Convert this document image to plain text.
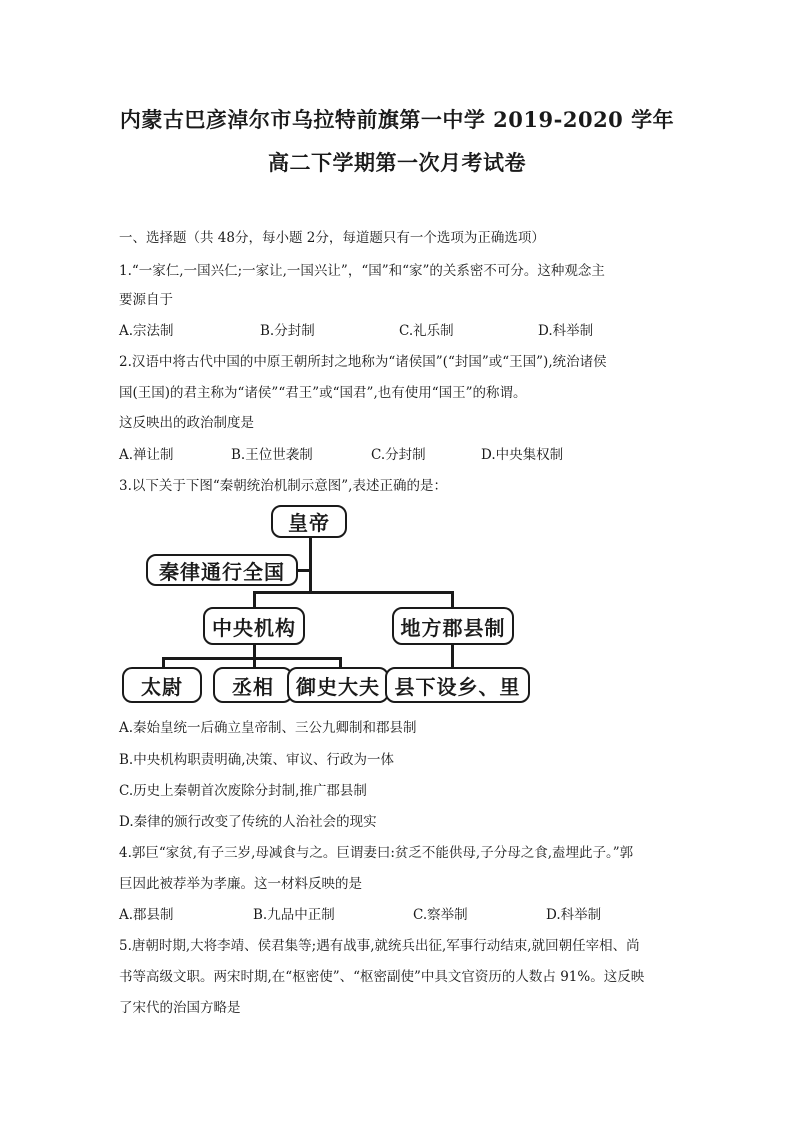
内蒙古巴彦淖尔市乌拉特前旗第一中学 2019-2020 学年
高二下学期第一次月考试卷
一、选择题（共 48分，每小题 2分，每道题只有一个选项为正确选项）
1.“一家仁,一国兴仁;一家让,一国兴让”，“国”和“家”的关系密不可分。这种观念主
要源自于
A.宗法制	B.分封制	C.礼乐制	D.科举制
2.汉语中将古代中国的中原王朝所封之地称为“诸侯国”(“封国”或“王国”),统治诸侯
国(王国)的君主称为“诸侯”“君王”或“国君”,也有使用“国王”的称谓。
这反映出的政治制度是
A.禅让制	B.王位世袭制	C.分封制	D.中央集权制
3.以下关于下图“秦朝统治机制示意图”,表述正确的是：
皇帝
秦律通行全国
中央机构	地方郡县制
太尉	丞相	御史大夫 县下设乡、里
A.秦始皇统一后确立皇帝制、三公九卿制和郡县制
B.中央机构职责明确,决策、审议、行政为一体
C.历史上秦朝首次废除分封制,推广郡县制
D.秦律的颁行改变了传统的人治社会的现实
4.郭巨“家贫,有子三岁,母减食与之。巨谓妻曰:贫乏不能供母,子分母之食,盍埋此子。”郭
巨因此被荐举为孝廉。这一材料反映的是
A.郡县制	B.九品中正制	C.察举制	D.科举制
5.唐朝时期,大将李靖、侯君集等;遇有战事,就统兵出征,军事行动结束,就回朝任宰相、尚
书等高级文职。两宋时期,在“枢密使”、“枢密副使”中具文官资历的人数占 91%。这反映
了宋代的治国方略是
